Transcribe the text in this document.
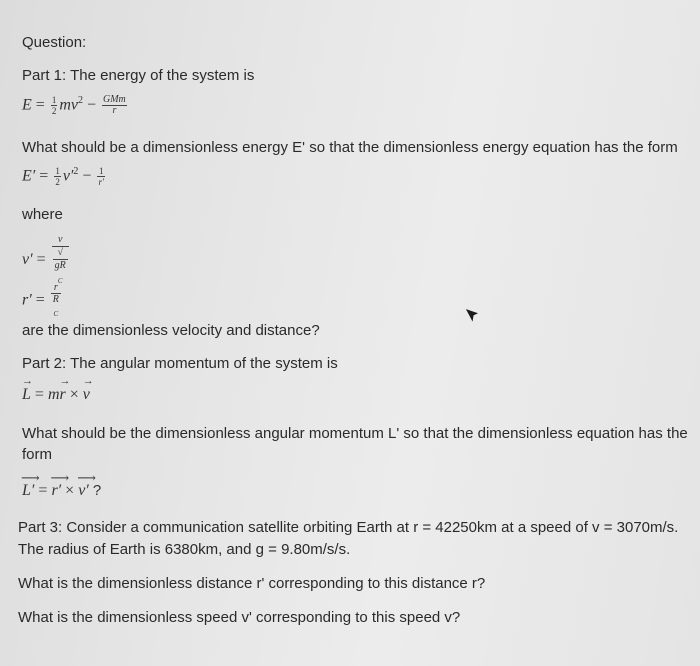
Question:
Part 1: The energy of the system is
$E = \frac{1}{2} mv^2 - \frac{\text{GMm}}{r}$
What should be a dimensionless energy E' so that the dimensionless energy equation has the form
$E' = \frac{1}{2} v'^2 - \frac{1}{r'}$
where
v′ = v
√
gR
$_C$
r′ = r
R
$_C$
are the dimensionless velocity and distance?
Part 2: The angular momentum of the system is
→ L = m→ r × → v
What should be the dimensionless angular momentum L' so that the dimensionless equation has the
form
⟶ L′ = ⟶ r′ × ⟶ v′ ?
Part 3: Consider a communication satellite orbiting Earth at r = 42250km at a speed of v = 3070m/s.
The radius of Earth is 6380km, and g = 9.80m/s/s.
What is the dimensionless distance r' corresponding to this distance r?
What is the dimensionless speed v' corresponding to this speed v?
